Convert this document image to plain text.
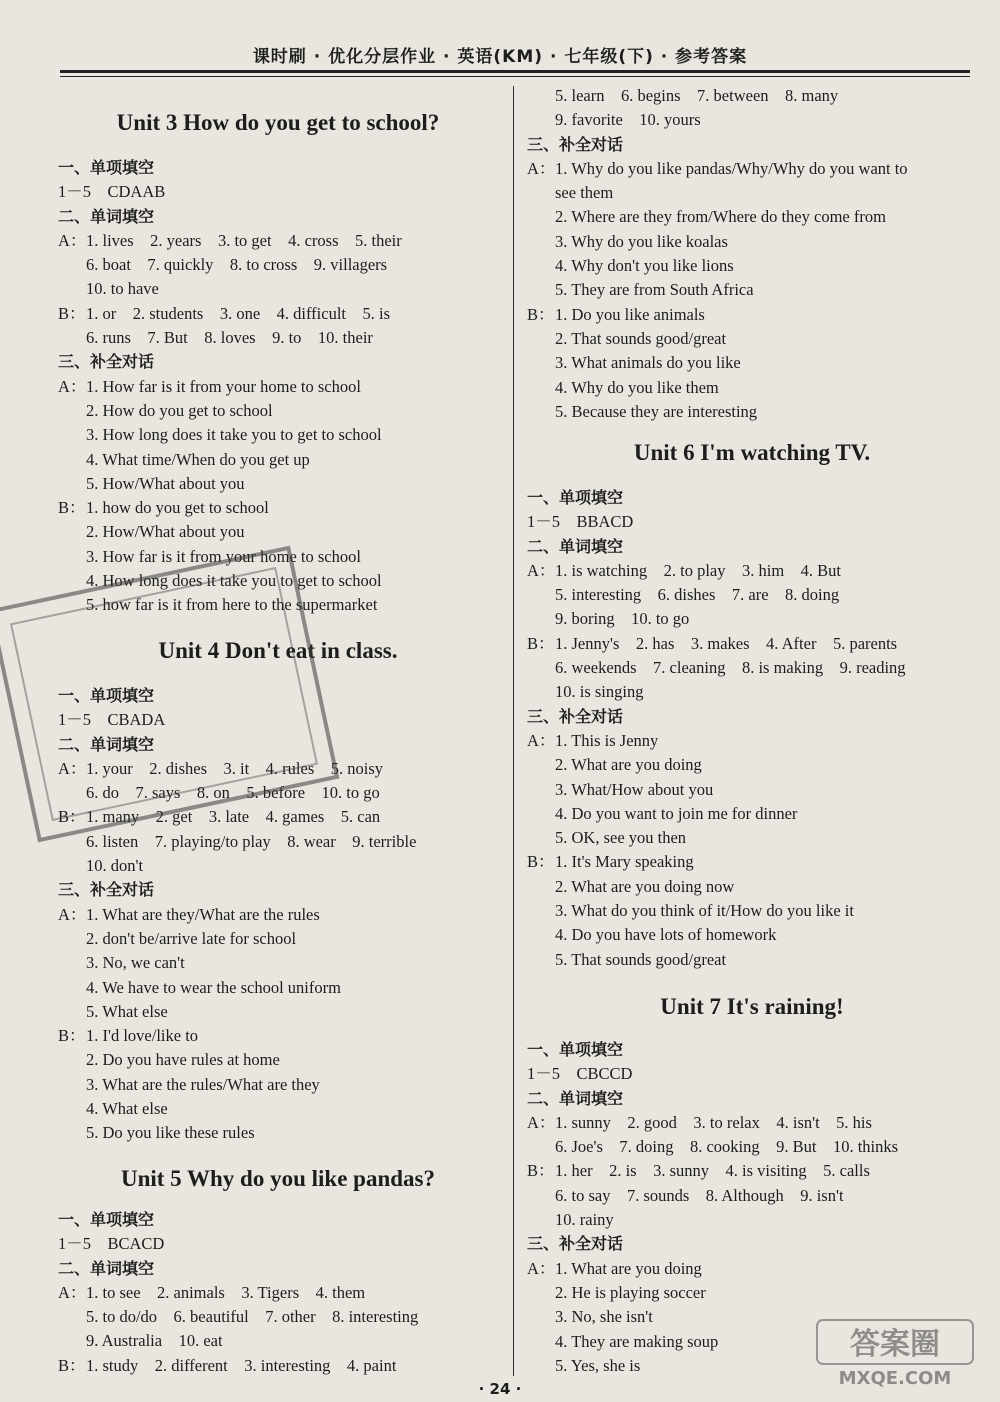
课时刷 · 优化分层作业 · 英语(KM) · 七年级(下) · 参考答案
Unit 3 How do you get to school?
一、单项填空
1－5　CDAAB
二、单词填空
A：1. lives　2. years　3. to get　4. cross　5. their
6. boat　7. quickly　8. to cross　9. villagers
10. to have
B：1. or　2. students　3. one　4. difficult　5. is
6. runs　7. But　8. loves　9. to　10. their
三、补全对话
A：1. How far is it from your home to school
2. How do you get to school
3. How long does it take you to get to school
4. What time/When do you get up
5. How/What about you
B：1. how do you get to school
2. How/What about you
3. How far is it from your home to school
4. How long does it take you to get to school
5. how far is it from here to the supermarket
Unit 4 Don't eat in class.
一、单项填空
1－5　CBADA
二、单词填空
A：1. your　2. dishes　3. it　4. rules　5. noisy
6. do　7. says　8. on　5. before　10. to go
B：1. many　2. get　3. late　4. games　5. can
6. listen　7. playing/to play　8. wear　9. terrible
10. don't
三、补全对话
A：1. What are they/What are the rules
2. don't be/arrive late for school
3. No, we can't
4. We have to wear the school uniform
5. What else
B：1. I'd love/like to
2. Do you have rules at home
3. What are the rules/What are they
4. What else
5. Do you like these rules
Unit 5 Why do you like pandas?
一、单项填空
1－5　BCACD
二、单词填空
A：1. to see　2. animals　3. Tigers　4. them
5. to do/do　6. beautiful　7. other　8. interesting
9. Australia　10. eat
B：1. study　2. different　3. interesting　4. paint
5. learn　6. begins　7. between　8. many
9. favorite　10. yours
三、补全对话
A：1. Why do you like pandas/Why/Why do you want to
see them
2. Where are they from/Where do they come from
3. Why do you like koalas
4. Why don't you like lions
5. They are from South Africa
B：1. Do you like animals
2. That sounds good/great
3. What animals do you like
4. Why do you like them
5. Because they are interesting
Unit 6 I'm watching TV.
一、单项填空
1－5　BBACD
二、单词填空
A：1. is watching　2. to play　3. him　4. But
5. interesting　6. dishes　7. are　8. doing
9. boring　10. to go
B：1. Jenny's　2. has　3. makes　4. After　5. parents
6. weekends　7. cleaning　8. is making　9. reading
10. is singing
三、补全对话
A：1. This is Jenny
2. What are you doing
3. What/How about you
4. Do you want to join me for dinner
5. OK, see you then
B：1. It's Mary speaking
2. What are you doing now
3. What do you think of it/How do you like it
4. Do you have lots of homework
5. That sounds good/great
Unit 7 It's raining!
一、单项填空
1－5　CBCCD
二、单词填空
A：1. sunny　2. good　3. to relax　4. isn't　5. his
6. Joe's　7. doing　8. cooking　9. But　10. thinks
B：1. her　2. is　3. sunny　4. is visiting　5. calls
6. to say　7. sounds　8. Although　9. isn't
10. rainy
三、补全对话
A：1. What are you doing
2. He is playing soccer
3. No, she isn't
4. They are making soup
5. Yes, she is
答案圈
MXQE.COM
· 24 ·
